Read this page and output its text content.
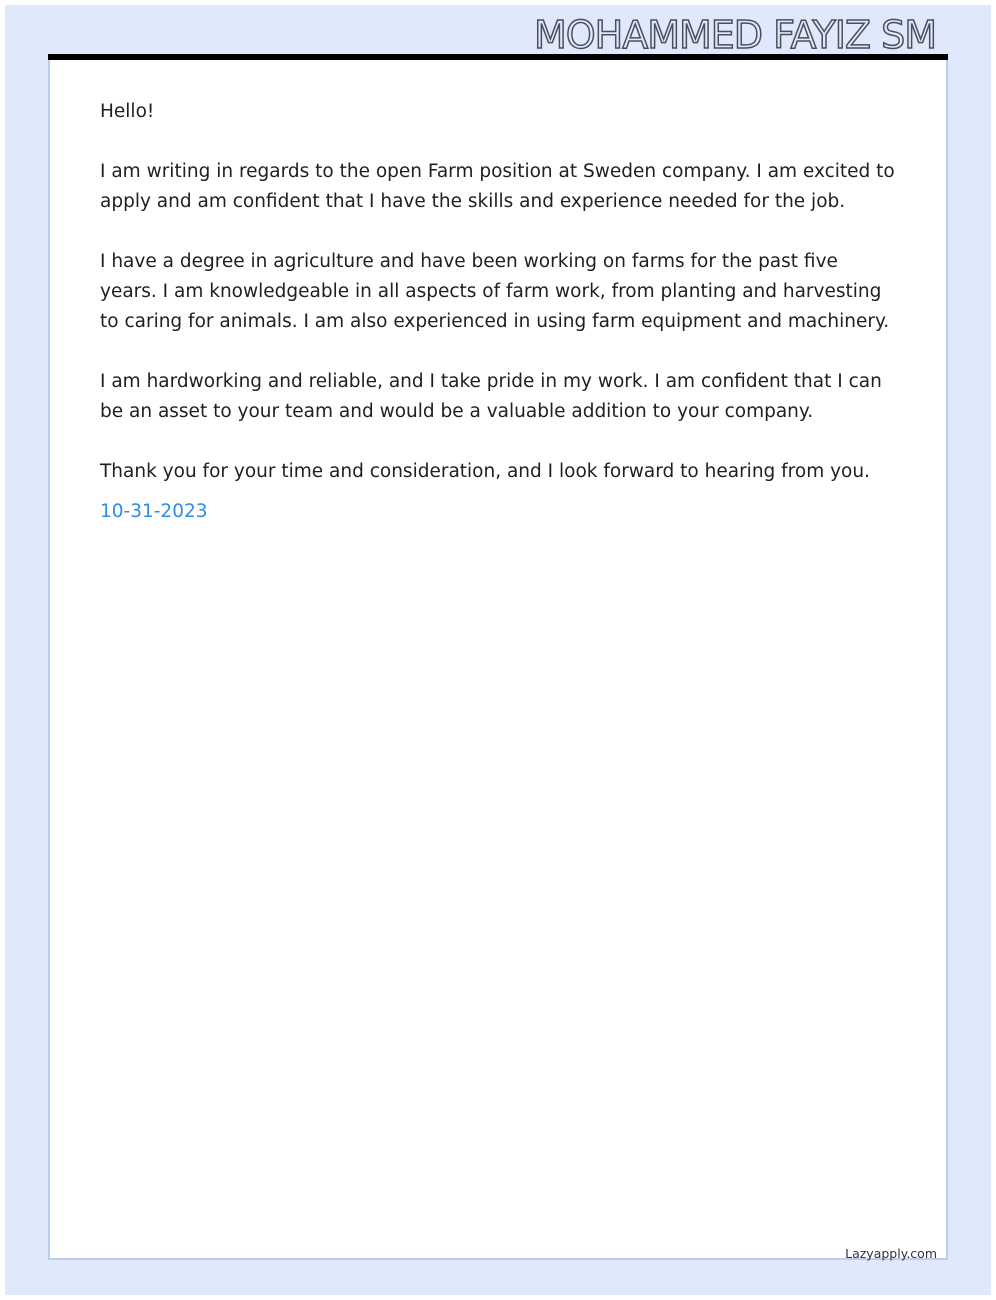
MOHAMMED FAYIZ SM

Hello!

I am writing in regards to the open Farm position at Sweden company. I am excited to apply and am confident that I have the skills and experience needed for the job.

I have a degree in agriculture and have been working on farms for the past five years. I am knowledgeable in all aspects of farm work, from planting and harvesting to caring for animals. I am also experienced in using farm equipment and machinery.

I am hardworking and reliable, and I take pride in my work. I am confident that I can be an asset to your team and would be a valuable addition to your company.

Thank you for your time and consideration, and I look forward to hearing from you.

10-31-2023
Lazyapply.com
